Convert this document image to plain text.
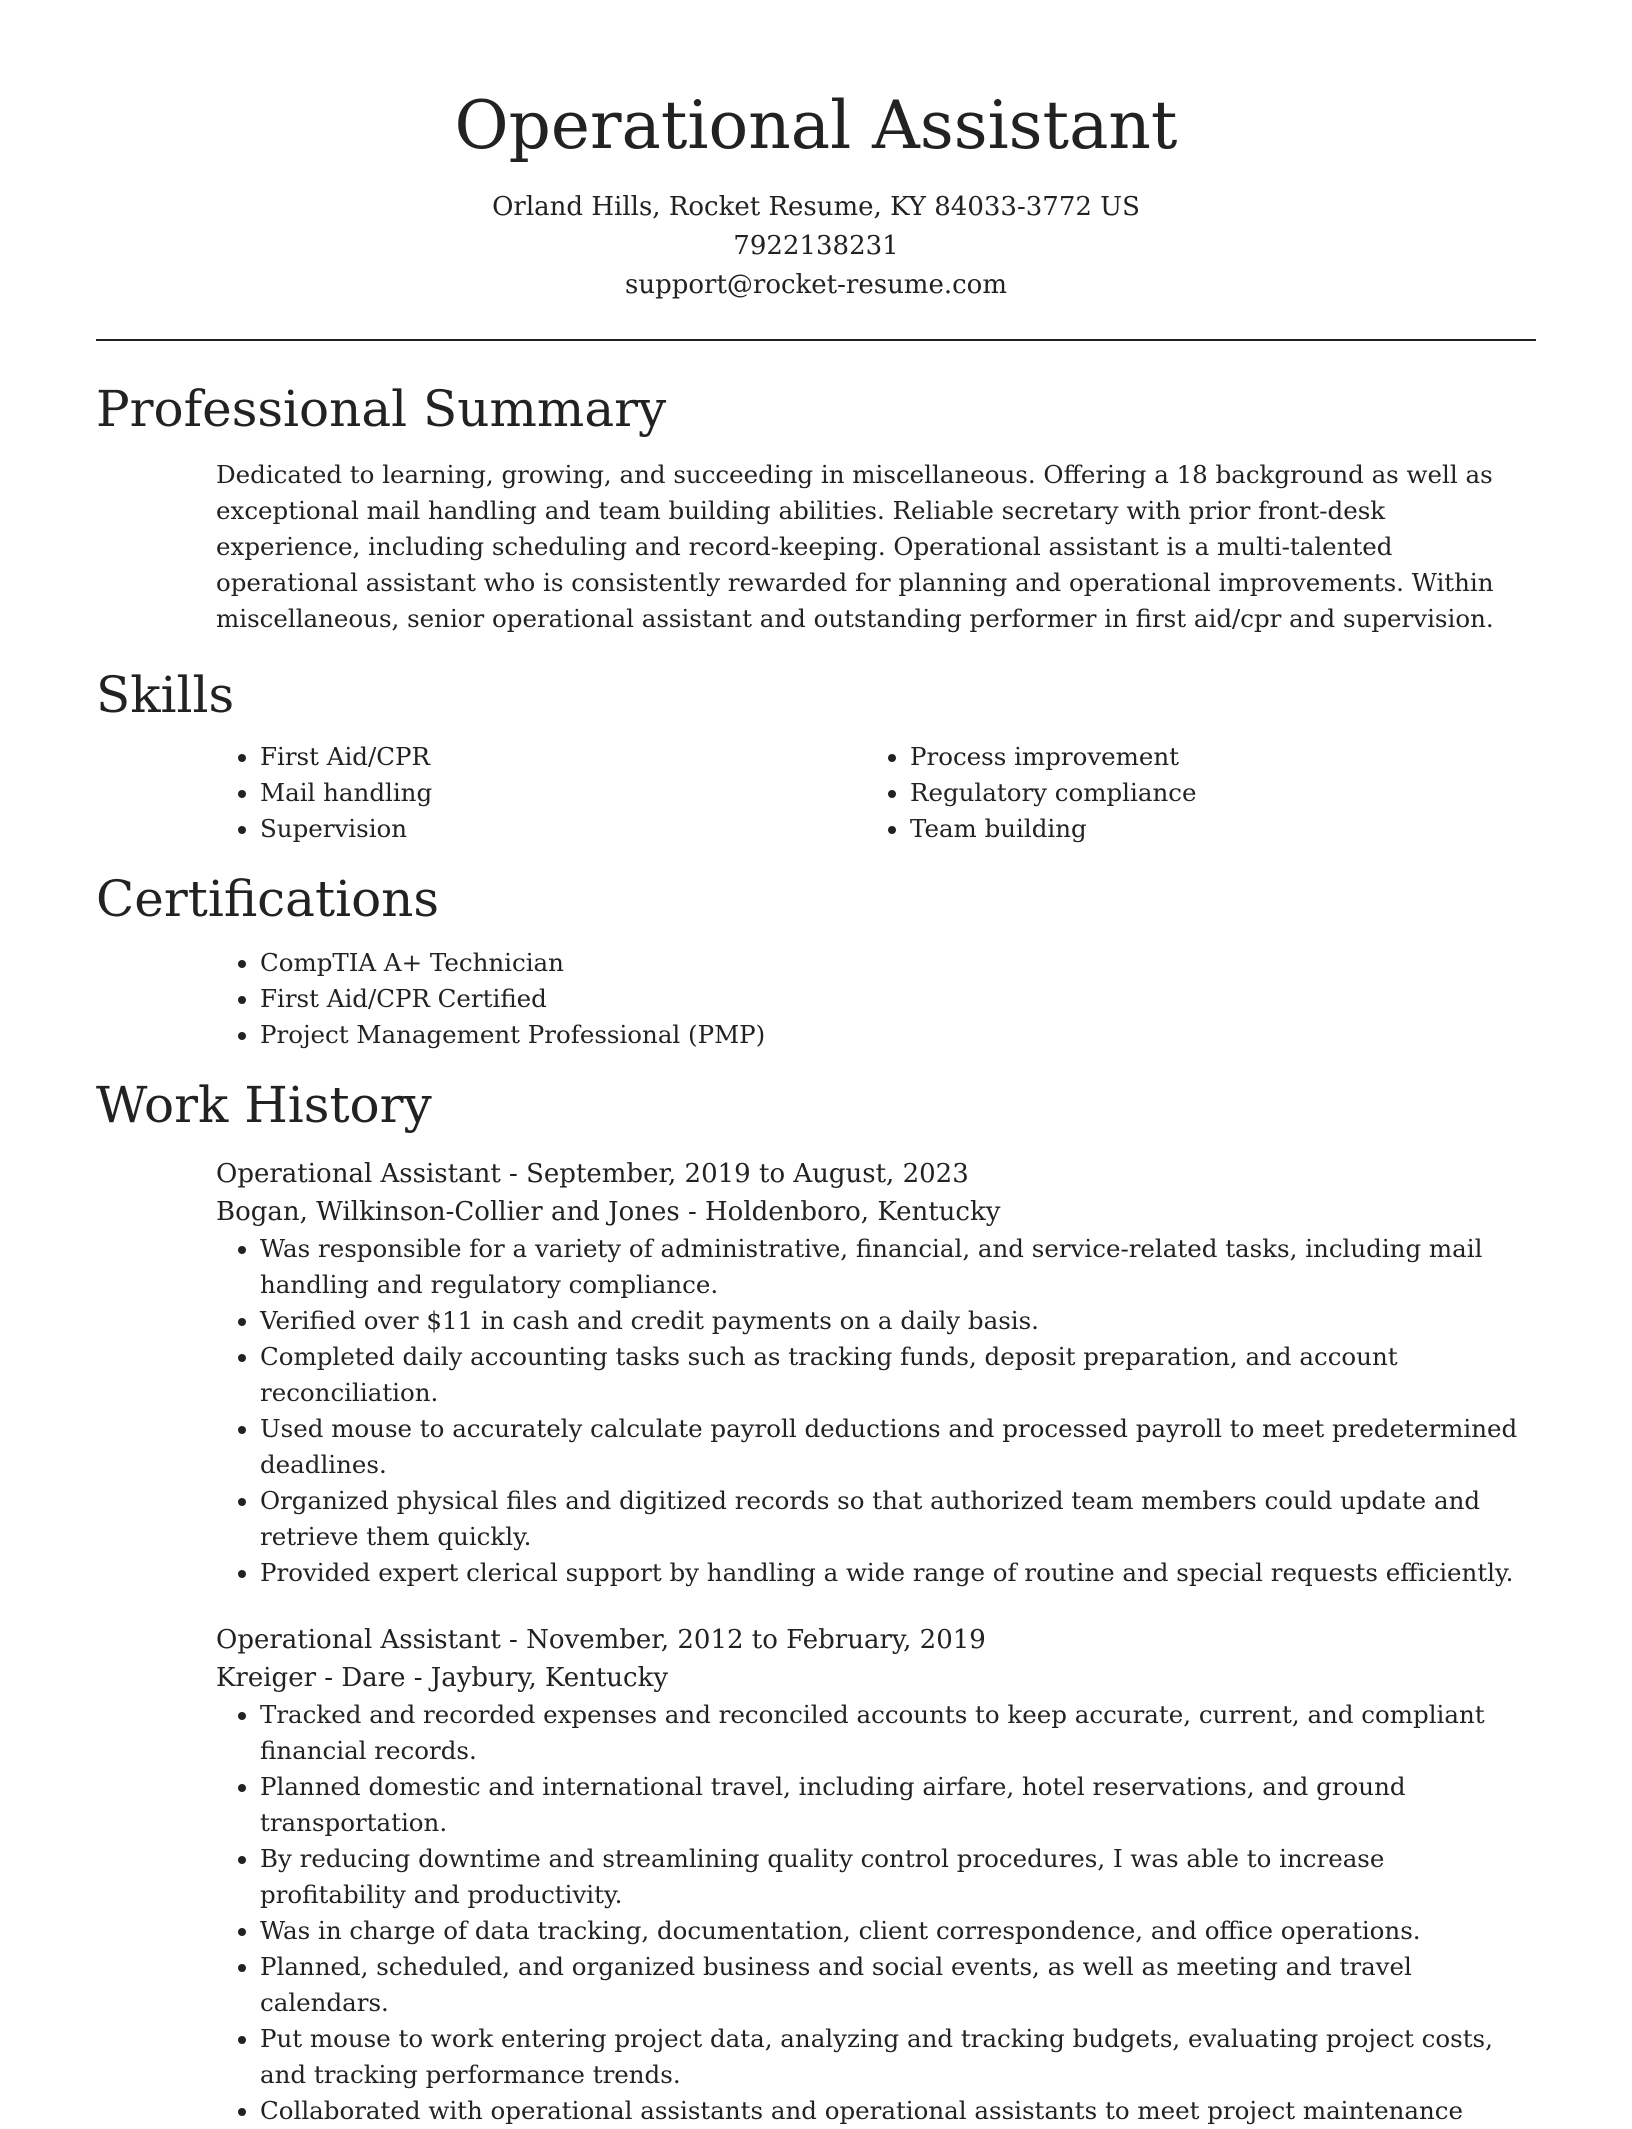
Operational Assistant
Orland Hills, Rocket Resume, KY 84033-3772 US
7922138231
support@rocket-resume.com
Professional Summary

Dedicated to learning, growing, and succeeding in miscellaneous. Offering a 18 background as well as exceptional mail handling and team building abilities. Reliable secretary with prior front-desk experience, including scheduling and record-keeping. Operational assistant is a multi-talented operational assistant who is consistently rewarded for planning and operational improvements. Within miscellaneous, senior operational assistant and outstanding performer in first aid/cpr and supervision.

Skills
• First Aid/CPR
• Mail handling
• Supervision
• Process improvement
• Regulatory compliance
• Team building
Certifications
• CompTIA A+ Technician
• First Aid/CPR Certified
• Project Management Professional (PMP)
Work History
Operational Assistant - September, 2019 to August, 2023
Bogan, Wilkinson-Collier and Jones - Holdenboro, Kentucky
• Was responsible for a variety of administrative, financial, and service-related tasks, including mail handling and regulatory compliance.
• Verified over $11 in cash and credit payments on a daily basis.
• Completed daily accounting tasks such as tracking funds, deposit preparation, and account reconciliation.
• Used mouse to accurately calculate payroll deductions and processed payroll to meet predetermined deadlines.
• Organized physical files and digitized records so that authorized team members could update and retrieve them quickly.
• Provided expert clerical support by handling a wide range of routine and special requests efficiently.
Operational Assistant - November, 2012 to February, 2019
Kreiger - Dare - Jaybury, Kentucky
• Tracked and recorded expenses and reconciled accounts to keep accurate, current, and compliant financial records.
• Planned domestic and international travel, including airfare, hotel reservations, and ground transportation.
• By reducing downtime and streamlining quality control procedures, I was able to increase profitability and productivity.
• Was in charge of data tracking, documentation, client correspondence, and office operations.
• Planned, scheduled, and organized business and social events, as well as meeting and travel calendars.
• Put mouse to work entering project data, analyzing and tracking budgets, evaluating project costs, and tracking performance trends.
• Collaborated with operational assistants and operational assistants to meet project maintenance
